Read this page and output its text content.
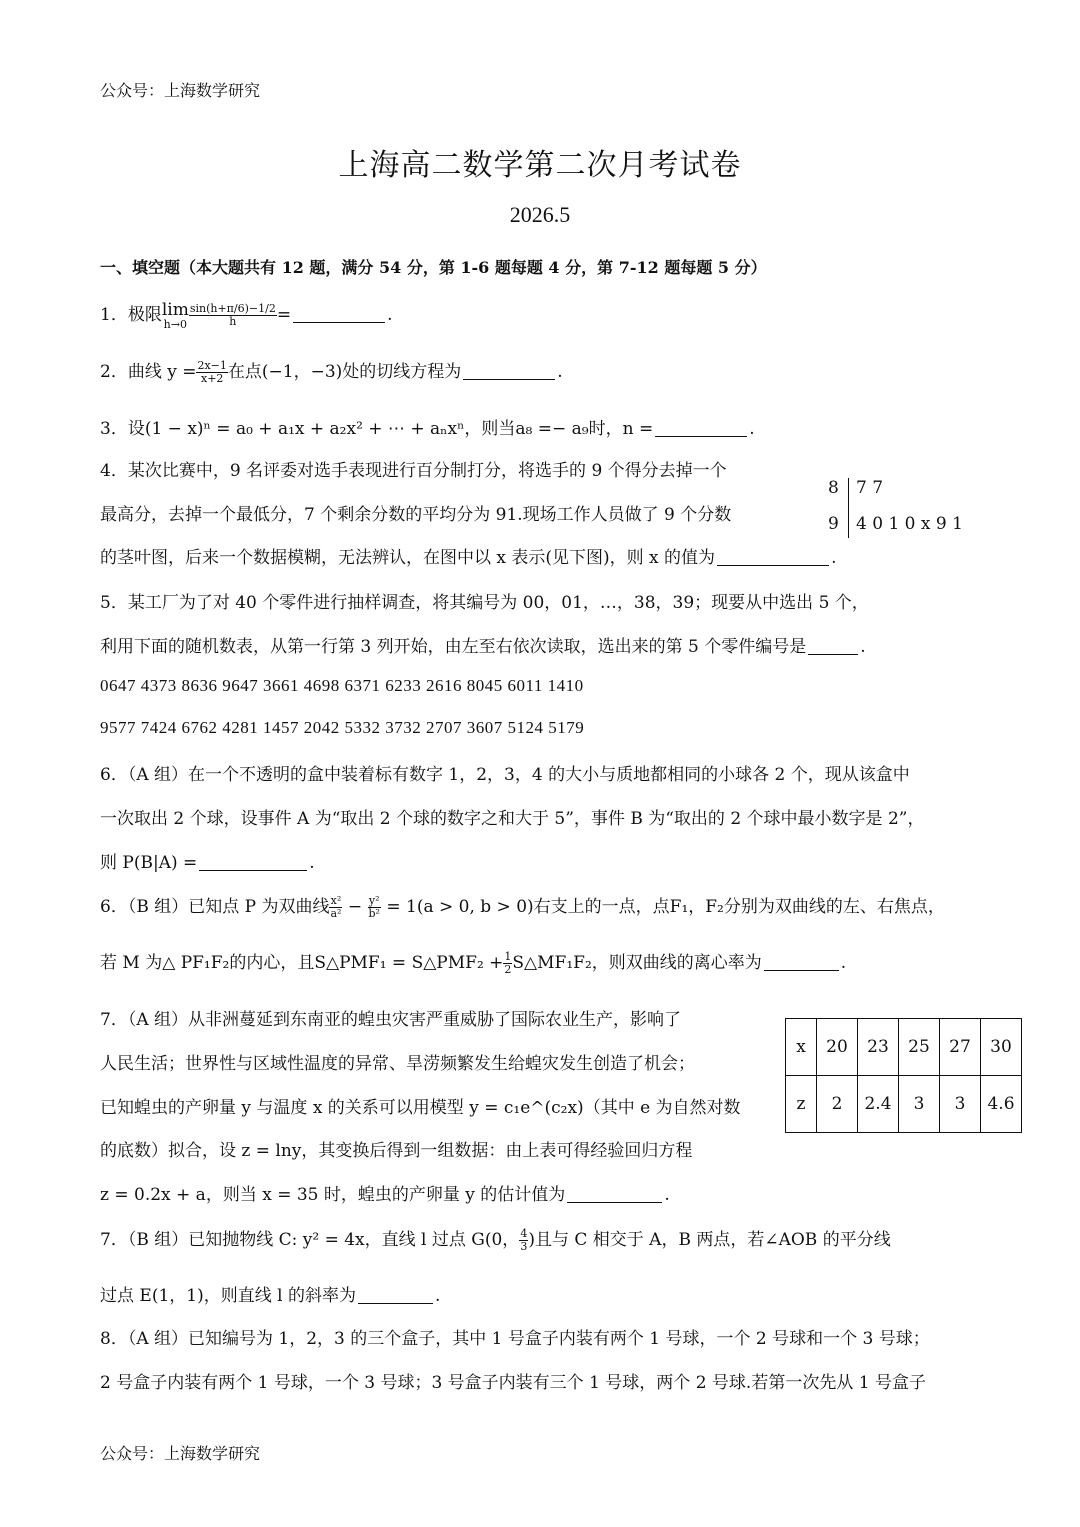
公众号：上海数学研究
上海高二数学第二次月考试卷
2026.5
一、填空题（本大题共有 12 题，满分 54 分，第 1-6 题每题 4 分，第 7-12 题每题 5 分）
1．极限lim
$h\to 0 \frac{\sin(h+\pi/6)-1/2}{h}$ =	.
2．曲线 $y = \frac{2x-1}{x+2}$ 在点(−1，−3)处的切线方程为	.
3．设(1 − x)ⁿ = a₀ + a₁x + a₂x² + ⋯ + aₙxⁿ，则当a₈ =− a₉时，n =	.
4．某次比赛中，9 名评委对选手表现进行百分制打分，将选手的 9 个得分去掉一个
最高分，去掉一个最低分，7 个剩余分数的平均分为 91.现场工作人员做了 9 个分数
的茎叶图，后来一个数据模糊，无法辨认，在图中以 x 表示(见下图)，则 x 的值为	.
8 7 7
9 4 0 1 0 x 9 1
5．某工厂为了对 40 个零件进行抽样调查，将其编号为 00，01，…，38，39；现要从中选出 5 个，
利用下面的随机数表，从第一行第 3 列开始，由左至右依次读取，选出来的第 5 个零件编号是	.
0647 4373 8636 9647 3661 4698 6371 6233 2616 8045 6011 1410
9577 7424 6762 4281 1457 2042 5332 3732 2707 3607 5124 5179
6．（A 组）在一个不透明的盒中装着标有数字 1，2，3，4 的大小与质地都相同的小球各 2 个，现从该盒中
一次取出 2 个球，设事件 A 为“取出 2 个球的数字之和大于 5”，事件 B 为“取出的 2 个球中最小数字是 2”，
则 P(B|A) =	.
6．（B 组）已知点 P 为双曲线 $\frac{\text{x²}}{\text{a²}} - \frac{\text{y²}}{\text{b²}} = 1(a > 0$, b > 0)右支上的一点，点F₁，F₂分别为双曲线的左、右焦点，
若 M 为△ PF₁F₂的内心，且S△PMF₁ = S△PMF₂ + $\frac{1}{2}$ S△MF₁F₂，则双曲线的离心率为	.
7．（A 组）从非洲蔓延到东南亚的蝗虫灾害严重威胁了国际农业生产，影响了
人民生活；世界性与区域性温度的异常、旱涝频繁发生给蝗灾发生创造了机会；
已知蝗虫的产卵量 y 与温度 x 的关系可以用模型 y = c₁e^(c₂x)（其中 e 为自然对数
的底数）拟合，设 z = lny，其变换后得到一组数据：由上表可得经验回归方程
z = 0.2x + a，则当 x = 35 时，蝗虫的产卵量 y 的估计值为	.
x	20	23	25	27	30
z	2	2.4	3	3	4.6
7．（B 组）已知抛物线 C: y² = 4x，直线 l 过点 G(0， $\frac{4}{3}$ )且与 C 相交于 A，B 两点，若∠AOB 的平分线
过点 E(1，1)，则直线 l 的斜率为	.
8．（A 组）已知编号为 1，2，3 的三个盒子，其中 1 号盒子内装有两个 1 号球，一个 2 号球和一个 3 号球；
2 号盒子内装有两个 1 号球，一个 3 号球；3 号盒子内装有三个 1 号球，两个 2 号球.若第一次先从 1 号盒子
公众号：上海数学研究
